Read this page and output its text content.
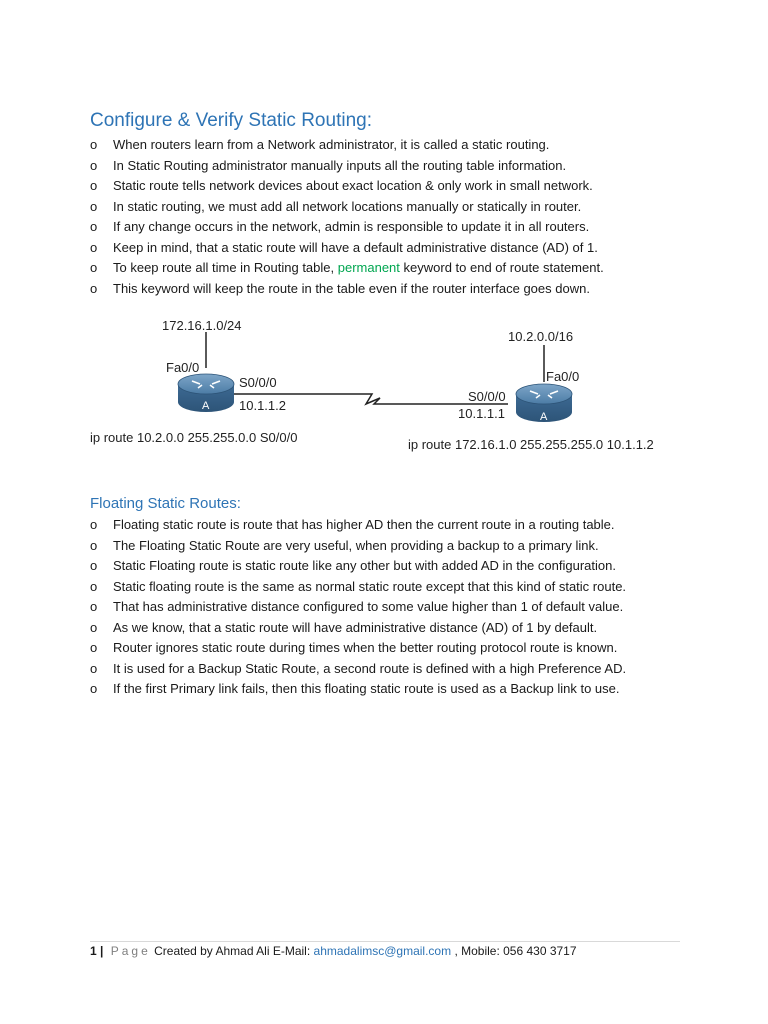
Configure & Verify Static Routing:
o When routers learn from a Network administrator, it is called a static routing.
o In Static Routing administrator manually inputs all the routing table information.
o Static route tells network devices about exact location & only work in small network.
o In static routing, we must add all network locations manually or statically in router.
o If any change occurs in the network, admin is responsible to update it in all routers.
o Keep in mind, that a static route will have a default administrative distance (AD) of 1.
o To keep route all time in Routing table, permanent keyword to end of route statement.
o This keyword will keep the route in the table even if the router interface goes down.
172.16.1.0/24
Fa0/0
A
S0/0/0
10.1.1.2
10.2.0.0/16
Fa0/0
A
S0/0/0
10.1.1.1
ip route 10.2.0.0 255.255.0.0 S0/0/0	ip route 172.16.1.0 255.255.255.0 10.1.1.2
Floating Static Routes:
o Floating static route is route that has higher AD then the current route in a routing table.
o The Floating Static Route are very useful, when providing a backup to a primary link.
o Static Floating route is static route like any other but with added AD in the configuration.
o Static floating route is the same as normal static route except that this kind of static route.
o That has administrative distance configured to some value higher than 1 of default value.
o As we know, that a static route will have administrative distance (AD) of 1 by default.
o Router ignores static route during times when the better routing protocol route is known.
o It is used for a Backup Static Route, a second route is defined with a high Preference AD.
o If the first Primary link fails, then this floating static route is used as a Backup link to use.
1 | Page Created by Ahmad Ali E-Mail: ahmadalimsc@gmail.com , Mobile: 056 430 3717
